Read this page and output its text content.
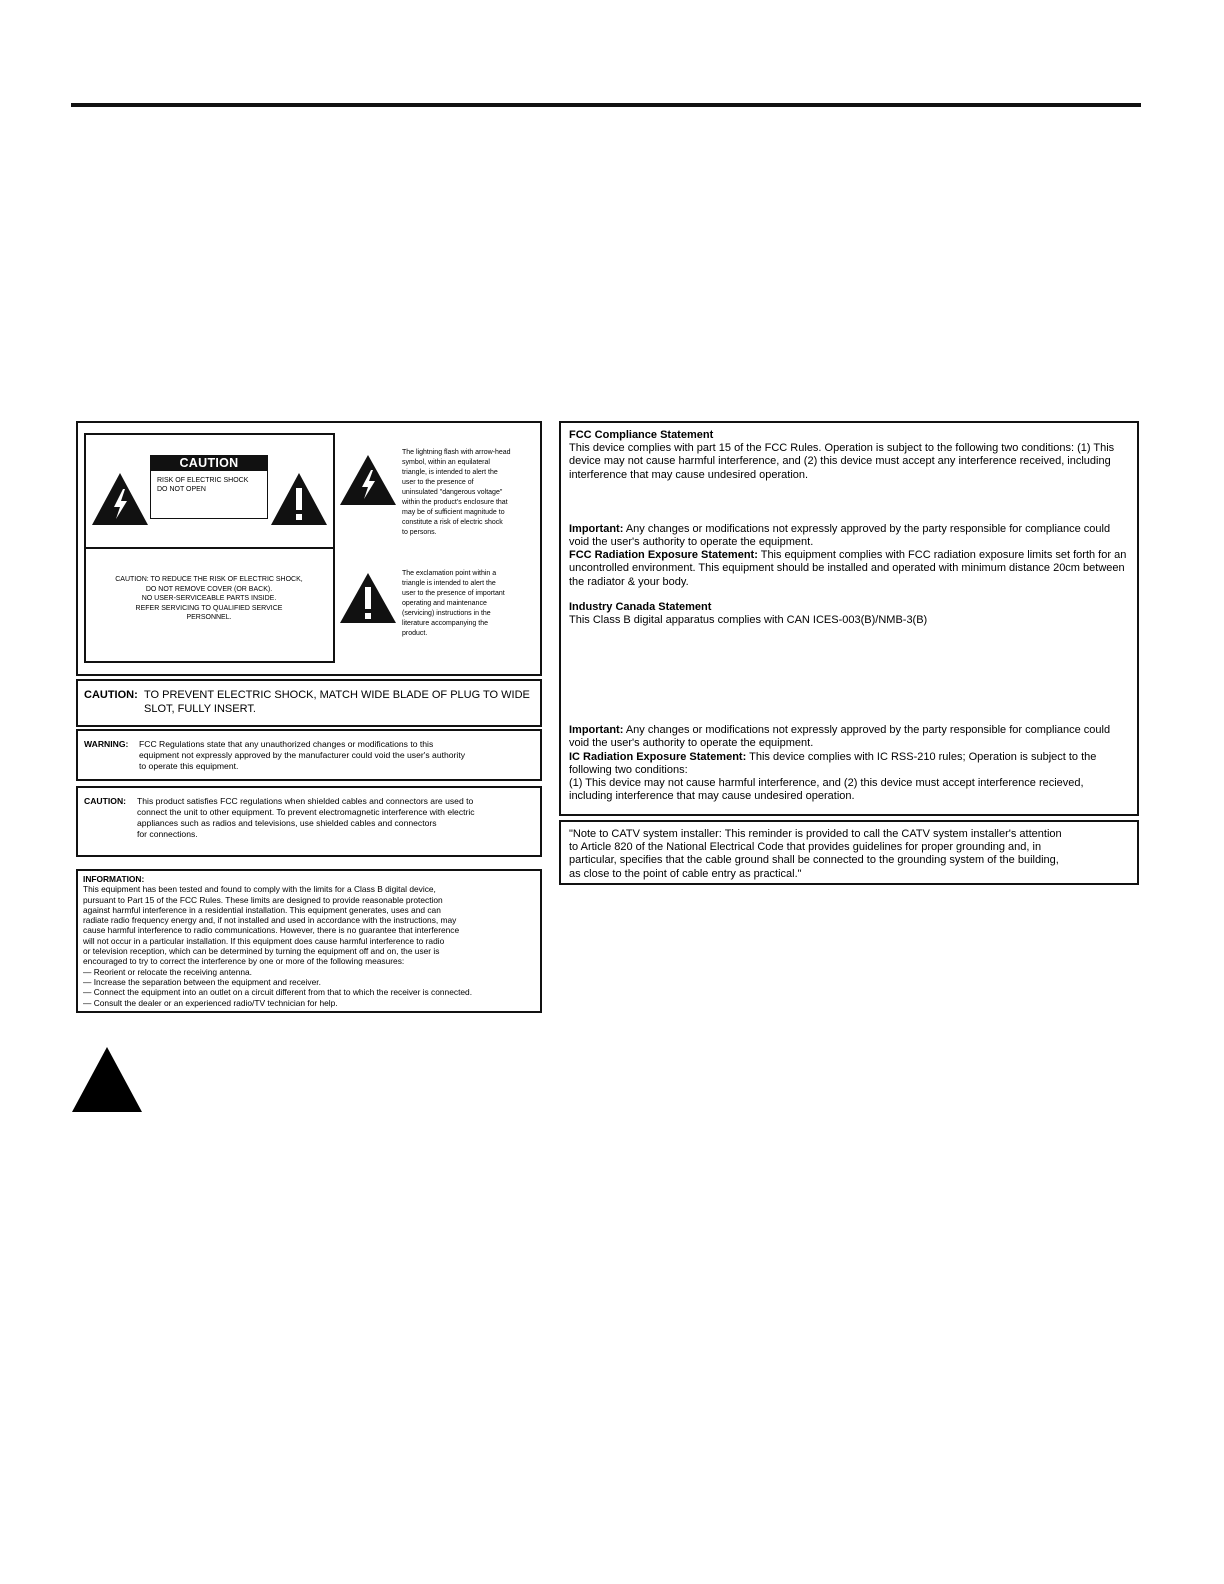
CAUTION
RISK OF ELECTRIC SHOCK
DO NOT OPEN
CAUTION: TO REDUCE THE RISK OF ELECTRIC SHOCK,
DO NOT REMOVE COVER (OR BACK).
NO USER-SERVICEABLE PARTS INSIDE.
REFER SERVICING TO QUALIFIED SERVICE
PERSONNEL.
The lightning flash with arrow-head
symbol, within an equilateral
triangle, is intended to alert the
user to the presence of
uninsulated "dangerous voltage"
within the product's enclosure that
may be of sufficient magnitude to
constitute a risk of electric shock
to persons.
The exclamation point within a
triangle is intended to alert the
user to the presence of important
operating and maintenance
(servicing) instructions in the
literature accompanying the
product.
CAUTION: TO PREVENT ELECTRIC SHOCK, MATCH WIDE BLADE OF PLUG TO WIDE SLOT, FULLY INSERT.
WARNING: FCC Regulations state that any unauthorized changes or modifications to this
equipment not expressly approved by the manufacturer could void the user's authority
to operate this equipment.
CAUTION: This product satisfies FCC regulations when shielded cables and connectors are used to
connect the unit to other equipment. To prevent electromagnetic interference with electric
appliances such as radios and televisions, use shielded cables and connectors
for connections.
INFORMATION:
This equipment has been tested and found to comply with the limits for a Class B digital device,
pursuant to Part 15 of the FCC Rules. These limits are designed to provide reasonable protection
against harmful interference in a residential installation. This equipment generates, uses and can
radiate radio frequency energy and, if not installed and used in accordance with the instructions, may
cause harmful interference to radio communications. However, there is no guarantee that interference
will not occur in a particular installation. If this equipment does cause harmful interference to radio
or television reception, which can be determined by turning the equipment off and on, the user is
encouraged to try to correct the interference by one or more of the following measures:
— Reorient or relocate the receiving antenna.
— Increase the separation between the equipment and receiver.
— Connect the equipment into an outlet on a circuit different from that to which the receiver is connected.
— Consult the dealer or an experienced radio/TV technician for help.

FCC Compliance Statement

This device complies with part 15 of the FCC Rules. Operation is subject to the following two conditions: (1) This device may not cause harmful interference, and (2) this device must accept any interference received, including interference that may cause undesired operation.

Important: Any changes or modifications not expressly approved by the party responsible for compliance could void the user's authority to operate the equipment.

FCC Radiation Exposure Statement: This equipment complies with FCC radiation exposure limits set forth for an uncontrolled environment. This equipment should be installed and operated with minimum distance 20cm between the radiator & your body.

Industry Canada Statement

This Class B digital apparatus complies with CAN ICES-003(B)/NMB-3(B)

Important: Any changes or modifications not expressly approved by the party responsible for compliance could void the user's authority to operate the equipment.

IC Radiation Exposure Statement: This device complies with IC RSS-210 rules; Operation is subject to the following two conditions:

(1) This device may not cause harmful interference, and (2) this device must accept interference recieved, including interference that may cause undesired operation.

"Note to CATV system installer: This reminder is provided to call the CATV system installer's attention
to Article 820 of the National Electrical Code that provides guidelines for proper grounding and, in
particular, specifies that the cable ground shall be connected to the grounding system of the building,
as close to the point of cable entry as practical."
